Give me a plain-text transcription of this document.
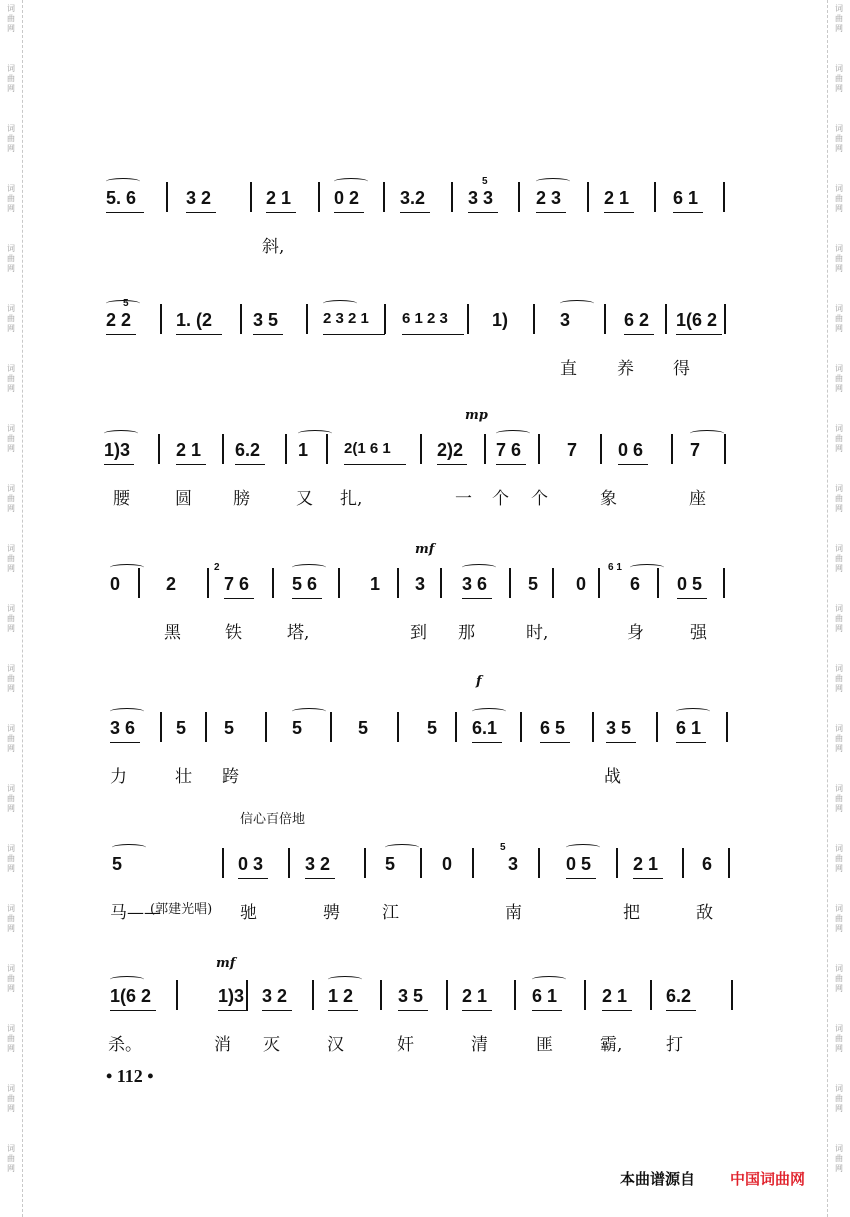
词
曲
网
词
曲
网
词
曲
网
词
曲
网
词
曲
网
词
曲
网
词
曲
网
词
曲
网
词
曲
网
词
曲
网
词
曲
网
词
曲
网
词
曲
网
词
曲
网
词
曲
网
词
曲
网
词
曲
网
词
曲
网
词
曲
网
词
曲
网
词
曲
网
词
曲
网
词
曲
网
词
曲
网
词
曲
网
词
曲
网
词
曲
网
词
曲
网
词
曲
网
词
曲
网
词
曲
网
词
曲
网
词
曲
网
词
曲
网
词
曲
网
词
曲
网
词
曲
网
词
曲
网
词
曲
网
词
曲
网
5. 6	3 2	2 1 0 2 3.2 3 3 2 3 2 1 6 1
斜,
5
2 2 1. (2 3 5	2 3 2 1 6 1 2 3 1)	3	6 2 1(6 2
直 养 得
5
1)3	2 1 6.2 1 2(1 6 1	2)2 7 6	7 0 6	7
腰	圆 膀	又 扎,	一 个 个	象	座
mp
0	2	7 6 5 6	1 3 3 6 5 0 6 0 5
黑	铁	塔,	到 那	时,	身	强
2	6 1
mf
3 6 5 5	5	5	5 6.1 6 5 3 5 6 1
力	壮 跨	战
f
5	0 3 3 2	5	0	3	0 5 2 1 6
马——	驰	骋 江	南	把	敌
5
1(6 2	1)3 3 2 1 2 3 5 2 1 6 1 2 1 6.2
杀。	消 灭	汉	奸	清	匪	霸,	打
mf
信心百倍地
(郭建光唱)
• 112 •
本曲谱源自 中国词曲网
